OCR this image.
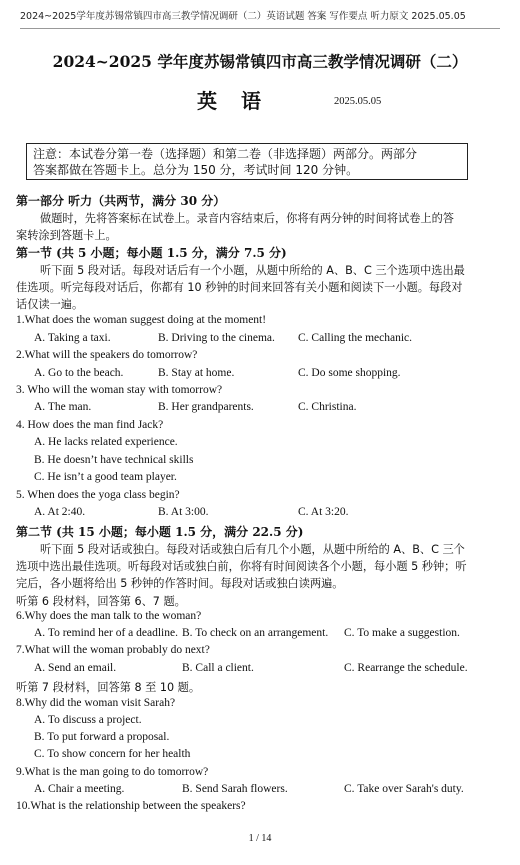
2024~2025学年度苏锡常镇四市高三教学情况调研（二）英语试题 答案 写作要点 听力原文 2025.05.05
2024~2025 学年度苏锡常镇四市高三教学情况调研（二）
英语	2025.05.05
注意：本试卷分第一卷（选择题）和第二卷（非选择题）两部分。两部分
答案都做在答题卡上。总分为 150 分，考试时间 120 分钟。
第一部分 听力（共两节，满分 30 分）
做题时，先将答案标在试卷上。录音内容结束后，你将有两分钟的时间将试卷上的答
案转涂到答题卡上。
第一节 (共 5 小题；每小题 1.5 分，满分 7.5 分)
听下面 5 段对话。每段对话后有一个小题，从题中所给的 A、B、C 三个选项中选出最
佳选项。听完每段对话后，你都有 10 秒钟的时间来回答有关小题和阅读下一小题。每段对
话仅读一遍。
1.What does the woman suggest doing at the moment!
A. Taking a taxi.	B. Driving to the cinema. C. Calling the mechanic.
2.What will the speakers do tomorrow?
A. Go to the beach.	B. Stay at home.	C. Do some shopping.
3. Who will the woman stay with tomorrow?
A. The man.	B. Her grandparents.	C. Christina.
4. How does the man find Jack?
A. He lacks related experience.
B. He doesn’t have technical skills
C. He isn’t a good team player.
5. When does the yoga class begin?
A. At 2:40.	B. At 3:00.	C. At 3:20.
第二节 (共 15 小题；每小题 1.5 分，满分 22.5 分)
听下面 5 段对话或独白。每段对话或独白后有几个小题，从题中所给的 A、B、C 三个
选项中选出最佳选项。听每段对话或独白前，你将有时间阅读各个小题，每小题 5 秒钟；听
完后，各小题将给出 5 秒钟的作答时间。每段对话或独白读两遍。
听第 6 段材料，回答第 6、7 题。
6.Why does the man talk to the woman?
A. To remind her of a deadline. B. To check on an arrangement. C. To make a suggestion.
7.What will the woman probably do next?
A. Send an email.	B. Call a client.	C. Rearrange the schedule.
听第 7 段材料，回答第 8 至 10 题。
8.Why did the woman visit Sarah?
A. To discuss a project.
B. To put forward a proposal.
C. To show concern for her health
9.What is the man going to do tomorrow?
A. Chair a meeting.	B. Send Sarah flowers.	C. Take over Sarah's duty.
10.What is the relationship between the speakers?
1 / 14
